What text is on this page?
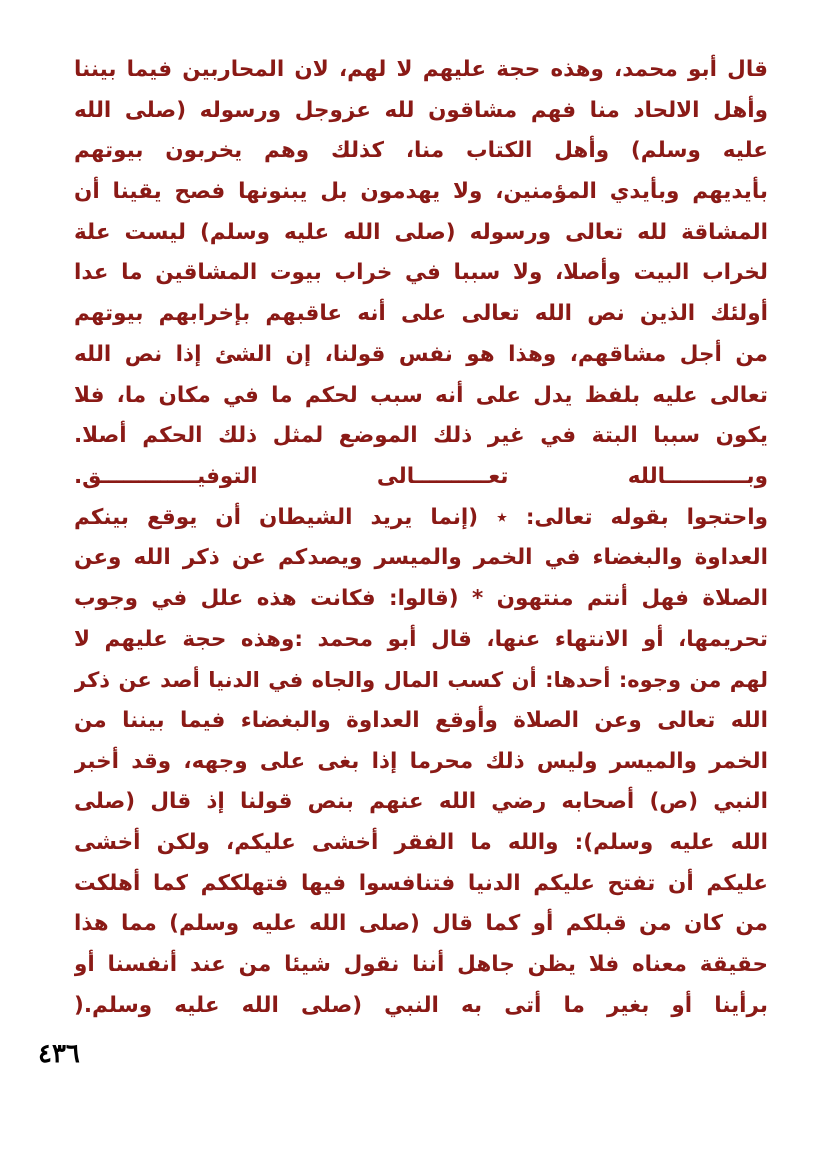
قال أبو محمد، وهذه حجة عليهم لا لهم، لان المحاربين فيما بيننا
وأهل الالحاد منا فهم مشاقون لله عزوجل ورسوله (صلى الله
عليه وسلم) وأهل الكتاب منا، كذلك وهم يخربون بيوتهم
بأيديهم وبأيدي المؤمنين، ولا يهدمون بل يبنونها فصح يقينا أن
المشاقة لله تعالى ورسوله (صلى الله عليه وسلم) ليست علة
لخراب البيت وأصلا، ولا سببا في خراب بيوت المشاقين ما عدا
أولئك الذين نص الله تعالى على أنه عاقبهم بإخرابهم بيوتهم
من أجل مشاقهم، وهذا هو نفس قولنا، إن الشئ إذا نص الله
تعالى عليه بلفظ يدل على أنه سبب لحكم ما في مكان ما، فلا
يكون سببا البتة في غير ذلك الموضع لمثل ذلك الحكم أصلا.
وبـــــــــــالله تعــــــــــالى التوفيـــــــــــــق.
واحتجوا بقوله تعالى: ٭ (إنما يريد الشيطان أن يوقع بينكم
العداوة والبغضاء في الخمر والميسر ويصدكم عن ذكر الله وعن
الصلاة فهل أنتم منتهون * (قالوا: فكانت هذه علل في وجوب
تحريمها، أو الانتهاء عنها، قال أبو محمد :وهذه حجة عليهم لا
لهم من وجوه: أحدها: أن كسب المال والجاه في الدنيا أصد عن ذكر
الله تعالى وعن الصلاة وأوقع العداوة والبغضاء فيما بيننا من
الخمر والميسر وليس ذلك محرما إذا بغى على وجهه، وقد أخبر
النبي (ص) أصحابه رضي الله عنهم بنص قولنا إذ قال (صلى
الله عليه وسلم): والله ما الفقر أخشى عليكم، ولكن أخشى
عليكم أن تفتح عليكم الدنيا فتنافسوا فيها فتهلككم كما أهلكت
من كان من قبلكم أو كما قال (صلى الله عليه وسلم) مما هذا
حقيقة معناه فلا يظن جاهل أننا نقول شيئا من عند أنفسنا أو
برأينا أو بغير ما أتى به النبي (صلى الله عليه وسلم.(
٤٣٦
